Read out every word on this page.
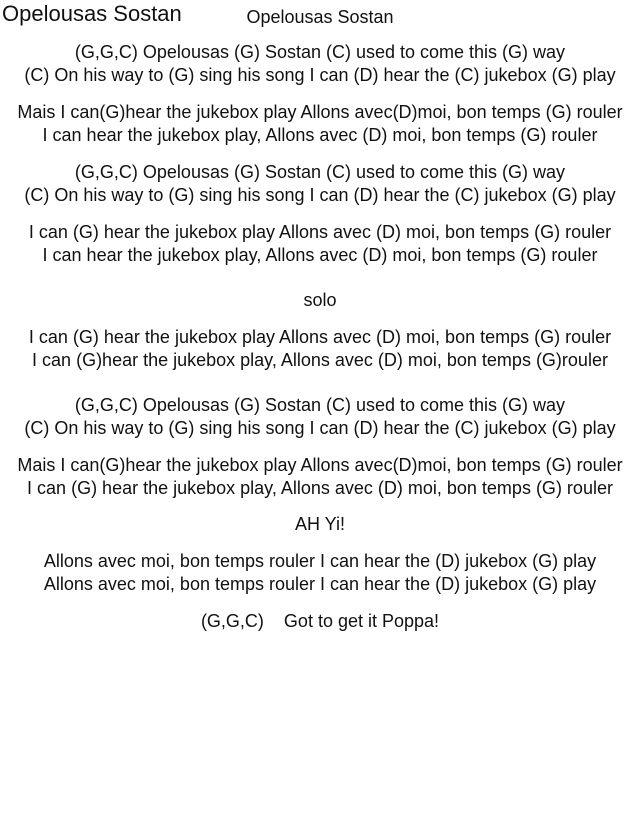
Opelousas Sostan	Opelousas Sostan
(G,G,C) Opelousas (G) Sostan (C) used to come this (G) way
(C) On his way to (G) sing his song I can (D) hear the (C) jukebox (G) play
Mais I can(G)hear the jukebox play Allons avec(D)moi, bon temps (G) rouler
I can hear the jukebox play, Allons avec (D) moi, bon temps (G) rouler
(G,G,C) Opelousas (G) Sostan (C) used to come this (G) way
(C) On his way to (G) sing his song I can (D) hear the (C) jukebox (G) play
I can (G) hear the jukebox play Allons avec (D) moi, bon temps (G) rouler
I can hear the jukebox play, Allons avec (D) moi, bon temps (G) rouler
solo
I can (G) hear the jukebox play Allons avec (D) moi, bon temps (G) rouler
I can (G)hear the jukebox play, Allons avec (D) moi, bon temps (G)rouler
(G,G,C) Opelousas (G) Sostan (C) used to come this (G) way
(C) On his way to (G) sing his song I can (D) hear the (C) jukebox (G) play
Mais I can(G)hear the jukebox play Allons avec(D)moi, bon temps (G) rouler
I can (G) hear the jukebox play, Allons avec (D) moi, bon temps (G) rouler
AH Yi!
Allons avec moi, bon temps rouler I can hear the (D) jukebox (G) play
Allons avec moi, bon temps rouler I can hear the (D) jukebox (G) play
(G,G,C)    Got to get it Poppa!
